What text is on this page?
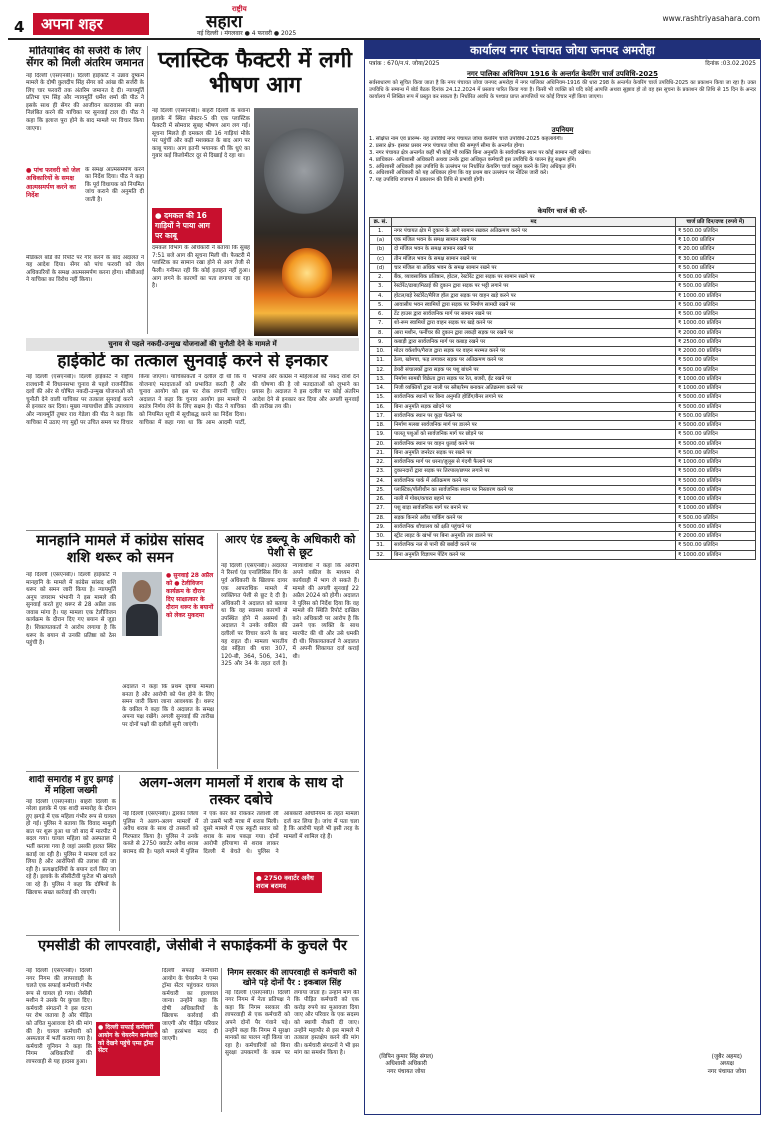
4	अपना शहर
राष्ट्रीय
सहारा
नई दिल्ली । मंगलवार ● 4 फरवरी ● 2025
www.rashtriyasahara.com
मोतियाबिंद की सर्जरी के लिए सेंगर को मिली अंतरिम जमानत
नई दिल्ली (एसएनबी)। दिल्ली हाईकोर्ट ने उन्नाव दुष्कर्म मामले के दोषी कुलदीप सिंह सेंगर को आंख की सर्जरी के लिए चार फरवरी तक अंतरिम जमानत दे दी। न्यायमूर्ति प्रतिभा एम सिंह और न्यायमूर्ति धर्मेश शर्मा की पीठ ने इसके साथ ही सेंगर की आजीवन कारावास की सजा निलंबित करने की याचिका पर सुनवाई टाल दी। पीठ ने कहा कि इलाज पूरा होने के बाद मामले पर विचार किया जाएगा।
● पांच फरवरी को जेल अधिकारियों के समक्ष आत्मसमर्पण करने का निर्देश
के समक्ष आत्मसमर्पण करने का निर्देश दिया। पीठ ने कहा कि पूर्व विधायक को नियमित जांच कराने की अनुमति दी जाती है।
मेडिकल बोर्ड की रिपोर्ट पर गौर करने के बाद अदालत ने यह आदेश दिया। सेंगर को पांच फरवरी को जेल अधिकारियों के समक्ष आत्मसमर्पण करना होगा। सीबीआई ने याचिका का विरोध नहीं किया।
प्लास्टिक फैक्टरी में लगी भीषण आग
नई दिल्ली (एसएनबी)। बाहरी दिल्ली के बवाना इलाके में स्थित सेक्टर-5 की एक प्लास्टिक फैक्टरी में सोमवार सुबह भीषण आग लग गई। सूचना मिलते ही दमकल की 16 गाड़ियां मौके पर पहुंचीं और कड़ी मशक्कत के बाद आग पर काबू पाया। आग इतनी भयानक थी कि धुएं का गुबार कई किलोमीटर दूर से दिखाई दे रहा था।
● दमकल की 16 गाड़ियों ने पाया आग पर काबू
दमकल विभाग के अधिकारी ने बताया कि सुबह 7:51 बजे आग की सूचना मिली थी। फैक्टरी में प्लास्टिक का सामान रखा होने से आग तेजी से फैली। गनीमत रही कि कोई हताहत नहीं हुआ। आग लगने के कारणों का पता लगाया जा रहा है।
चुनाव से पहले नकदी-उन्मुख योजनाओं की चुनौती देने के मामले में
हाईकोर्ट का तत्काल सुनवाई करने से इनकार
नई दिल्ली (एसएनबी)। दिल्ली हाईकोर्ट ने राष्ट्रीय राजधानी में विधानसभा चुनाव से पहले राजनीतिक दलों की ओर से घोषित नकदी-उन्मुख योजनाओं को चुनौती देने वाली याचिका पर तत्काल सुनवाई करने से इनकार कर दिया। मुख्य न्यायाधीश डीके उपाध्याय और न्यायमूर्ति तुषार राव गेडेला की पीठ ने कहा कि याचिका में उठाए गए मुद्दों पर उचित समय पर विचार किया जाएगा। याचिकाकर्ता ने दलील दी थी कि ये योजनाएं मतदाताओं को प्रभावित करती हैं और चुनाव आयोग को इस पर रोक लगानी चाहिए। अदालत ने कहा कि चुनाव आयोग इस मामले में स्वतंत्र निर्णय लेने के लिए सक्षम है। पीठ ने याचिका को नियमित सूची में सूचीबद्ध करने का निर्देश दिया। याचिका में कहा गया था कि आम आदमी पार्टी, भाजपा और कांग्रेस ने महिलाओं को नकद राशि देने की घोषणा की है जो मतदाताओं को लुभाने का प्रयास है। अदालत ने इस दलील पर कोई अंतरिम आदेश देने से इनकार कर दिया और अगली सुनवाई की तारीख तय की।
मानहानि मामले में कांग्रेस सांसद शशि थरूर को समन
नई दिल्ली (एसएनबी)। दिल्ली हाईकोर्ट ने मानहानि के मामले में कांग्रेस सांसद शशि थरूर को समन जारी किया है। न्यायमूर्ति अनूप जयराम भंभानी ने इस मामले की सुनवाई करते हुए थरूर से 28 अप्रैल तक जवाब मांगा है। यह मामला एक टेलीविजन कार्यक्रम के दौरान दिए गए बयान से जुड़ा है। शिकायतकर्ता ने आरोप लगाया है कि थरूर के बयान से उनकी प्रतिष्ठा को ठेस पहुंची है।
● सुनवाई 28 अप्रैल को ● टेलीविजन कार्यक्रम के दौरान दिए साक्षात्कार के दौरान थरूर के बयानों को लेकर मुकदमा
अदालत ने कहा कि प्रथम दृष्टया मामला बनता है और आरोपी को पेश होने के लिए समन जारी किया जाना आवश्यक है। थरूर के वकील ने कहा कि वे अदालत के समक्ष अपना पक्ष रखेंगे। अगली सुनवाई की तारीख पर दोनों पक्षों की दलीलें सुनी जाएंगी।
आरए एंड डब्ल्यू के अधिकारी को पेशी से छूट
नई दिल्ली (एसएनबी)। अदालत ने रिसर्च एंड एनालिसिस विंग के पूर्व अधिकारी के खिलाफ दायर एक आपराधिक मामले में व्यक्तिगत पेशी से छूट दे दी है। अधिकारी ने अदालत को बताया था कि वह स्वास्थ्य कारणों से उपस्थित होने में असमर्थ हैं। अदालत ने उनके वकील की दलीलों पर विचार करने के बाद यह राहत दी। मामला भारतीय दंड संहिता की धारा 307, 120-बी, 364, 506, 341, 325 और 34 के तहत दर्ज है। न्यायाधीश ने कहा कि आरोपी अपने वकील के माध्यम से कार्यवाही में भाग ले सकते हैं। मामले की अगली सुनवाई 22 अप्रैल 2024 को होगी। अदालत ने पुलिस को निर्देश दिया कि वह मामले की स्थिति रिपोर्ट दाखिल करे। अधिकारी पर आरोप है कि उसने एक व्यक्ति के साथ मारपीट की थी और उसे धमकी दी थी। शिकायतकर्ता ने अदालत में अपनी शिकायत दर्ज कराई थी।
शादी समारोह में हुए झगड़े में महिला जख्मी
नई दिल्ली (एसएनबी)। बाहरी दिल्ली के नरेला इलाके में एक शादी समारोह के दौरान हुए झगड़े में एक महिला गंभीर रूप से घायल हो गई। पुलिस ने बताया कि विवाद मामूली बात पर शुरू हुआ था जो बाद में मारपीट में बदल गया। घायल महिला को अस्पताल में भर्ती कराया गया है जहां उसकी हालत स्थिर बताई जा रही है। पुलिस ने मामला दर्ज कर लिया है और आरोपियों की तलाश की जा रही है। प्रत्यक्षदर्शियों के बयान दर्ज किए जा रहे हैं। इलाके के सीसीटीवी फुटेज भी खंगाले जा रहे हैं। पुलिस ने कहा कि दोषियों के खिलाफ सख्त कार्रवाई की जाएगी।
अलग-अलग मामलों में शराब के साथ दो तस्कर दबोचे
नई दिल्ली (एसएनबी)। द्वारका जिला पुलिस ने अलग-अलग मामलों में अवैध शराब के साथ दो तस्करों को गिरफ्तार किया है। पुलिस ने उनके कब्जे से 2750 क्वार्टर अवैध शराब बरामद की है। पहले मामले में पुलिस ने एक कार को रोककर तलाशी ली तो उसमें भारी मात्रा में शराब मिली। दूसरे मामले में एक स्कूटी सवार को शराब के साथ पकड़ा गया। दोनों आरोपी हरियाणा से शराब लाकर दिल्ली में बेचते थे। पुलिस ने आबकारी अधिनियम के तहत मामला दर्ज कर लिया है। जांच में पता चला है कि आरोपी पहले भी इसी तरह के मामलों में शामिल रहे हैं।
● 2750 क्वार्टर अवैध शराब बरामद
एमसीडी की लापरवाही, जेसीबी ने सफाईकर्मी के कुचले पैर
नई दिल्ली (एसएनबी)। दिल्ली नगर निगम की लापरवाही के चलते एक सफाई कर्मचारी गंभीर रूप से घायल हो गया। जेसीबी मशीन ने उसके पैर कुचल दिए। कर्मचारी संगठनों ने इस घटना पर रोष जताया है और पीड़ित को उचित मुआवजा देने की मांग की है। घायल कर्मचारी को अस्पताल में भर्ती कराया गया है। कर्मचारी यूनियन ने कहा कि निगम अधिकारियों की लापरवाही से यह हादसा हुआ।
● दिल्ली सफाई कर्मचारी आयोग के चेयरमैन कर्मचारी को देखने पहुंचे एम्स ट्रॉमा सेंटर
दिल्ली सफाई कर्मचारी आयोग के चेयरमैन ने एम्स ट्रॉमा सेंटर पहुंचकर घायल कर्मचारी का हालचाल जाना। उन्होंने कहा कि दोषी अधिकारियों के खिलाफ कार्रवाई की जाएगी और पीड़ित परिवार को हरसंभव मदद दी जाएगी।
निगम सरकार की लापरवाही से कर्मचारी को खोने पड़े दोनों पैर : इकबाल सिंह
नई दिल्ली (एसएनबी)। दिल्ली नगर निगम में नेता प्रतिपक्ष ने कहा कि निगम सरकार की लापरवाही से एक कर्मचारी को अपने दोनों पैर गंवाने पड़े। उन्होंने कहा कि निगम में सुरक्षा मानकों का पालन नहीं किया जा रहा है। कर्मचारियों को बिना सुरक्षा उपकरणों के काम पर लगाया जाता है। उन्होंने मांग की कि पीड़ित कर्मचारी को एक करोड़ रुपये का मुआवजा दिया जाए और परिवार के एक सदस्य को स्थायी नौकरी दी जाए। उन्होंने महापौर से इस मामले में तत्काल हस्तक्षेप करने की मांग की। कर्मचारी संगठनों ने भी इस मांग का समर्थन किया है।
कार्यालय नगर पंचायत जोया जनपद अमरोहा
पत्रांक : 670/न.पं. जोया/2025	दिनांक :03.02.2025
नगर पालिका अधिनियम 1916 के अन्तर्गत केयरिंग चार्ज उपविधि-2025
सर्वसाधारण को सूचित किया जाता है कि नगर पंचायत जोया जनपद अमरोहा में नगर पालिका अधिनियम-1916 की धारा 298 के अन्तर्गत केयरिंग चार्ज उपविधि-2025 का प्रकाशन किया जा रहा है। उक्त उपविधि के सम्बन्ध में बोर्ड बैठक दिनांक 24.12.2024 में प्रस्ताव पारित किया गया है। किसी भी व्यक्ति को यदि कोई आपत्ति अथवा सुझाव हो तो वह इस सूचना के प्रकाशन की तिथि से 15 दिन के अन्दर कार्यालय में लिखित रूप में प्रस्तुत कर सकता है। निर्धारित अवधि के पश्चात प्राप्त आपत्तियों पर कोई विचार नहीं किया जाएगा।
उपनियम
1. संक्षिप्त नाम एवं प्रारम्भ- यह उपविधि नगर पंचायत जोया केयरिंग चार्ज उपविधि-2025 कहलायेगी।
2. प्रसार क्षेत्र- इसका प्रसार नगर पंचायत जोया की सम्पूर्ण सीमा के अन्तर्गत होगा।
3. नगर पंचायत क्षेत्र अन्तर्गत कहीं भी कोई भी व्यक्ति बिना अनुमति के सार्वजनिक स्थान पर कोई सामान नहीं रखेगा।
4. प्राधिकार- अधिशासी अधिकारी अथवा उनके द्वारा अधिकृत कर्मचारी इस उपविधि के पालन हेतु सक्षम होंगे।
5. अधिशासी अधिकारी इस उपविधि के उल्लंघन पर निर्धारित केयरिंग चार्ज वसूल करने के लिए अधिकृत होंगे।
6. अधिशासी अधिकारी को यह अधिकार होगा कि वह प्रथम बार उल्लंघन पर नोटिस जारी करे।
7. यह उपविधि राजपत्र में प्रकाशन की तिथि से प्रभावी होगी।
केयरिंग चार्ज की दरें-
क्र. सं.	मद	चार्ज प्रति दिन/दण्ड (रुपये में)
1.	नगर पंचायत क्षेत्र में दुकान के आगे सामान रखकर अतिक्रमण करने पर	₹ 500.00 प्रतिदिन
(a)	एक मंजिल भवन के समक्ष सामान रखने पर	₹ 10.00 प्रतिदिन
(b)	दो मंजिल भवन के समक्ष सामान रखने पर	₹ 20.00 प्रतिदिन
(c)	तीन मंजिल भवन के समक्ष सामान रखने पर	₹ 30.00 प्रतिदिन
(d)	चार मंजिल या अधिक भवन के समक्ष सामान रखने पर	₹ 50.00 प्रतिदिन
2.	बैंक, व्यावसायिक प्रतिष्ठान, होटल, रेस्टोरेंट द्वारा सड़क पर सामान रखने पर	₹ 500.00 प्रतिदिन
3.	रेस्टोरेंट/ढाबा/मिठाई की दुकान द्वारा सड़क पर भट्टी लगाने पर	₹ 500.00 प्रतिदिन
4.	होटल/बड़े रेस्टोरेंट/मैरिज हॉल द्वारा सड़क पर वाहन खड़े करने पर	₹ 1000.00 प्रतिदिन
5.	आवासीय भवन स्वामियों द्वारा सड़क पर निर्माण सामग्री रखने पर	₹ 500.00 प्रतिदिन
6.	टेंट हाउस द्वारा सार्वजनिक मार्ग पर सामान रखने पर	₹ 500.00 प्रतिदिन
7.	शो-रूम स्वामियों द्वारा वाहन सड़क पर खड़े करने पर	₹ 1000.00 प्रतिदिन
8.	आरा मशीन, फर्नीचर की दुकान द्वारा लकड़ी सड़क पर रखने पर	₹ 2000.00 प्रतिदिन
9.	कबाड़ी द्वारा सार्वजनिक मार्ग पर कबाड़ रखने पर	₹ 2500.00 प्रतिदिन
10.	मोटर वर्कशॉप/गैराज द्वारा सड़क पर वाहन मरम्मत करने पर	₹ 2000.00 प्रतिदिन
11.	ठेला, खोमचा, फड़ लगाकर सड़क पर अतिक्रमण करने पर	₹ 500.00 प्रतिदिन
12.	डेयरी संचालकों द्वारा सड़क पर पशु बांधने पर	₹ 500.00 प्रतिदिन
13.	निर्माण सामग्री विक्रेता द्वारा सड़क पर रेत, बजरी, ईंट रखने पर	₹ 1000.00 प्रतिदिन
14.	निजी व्यक्तियों द्वारा नाली पर स्लैब/रैम्प बनाकर अतिक्रमण करने पर	₹ 1000.00 प्रतिदिन
15.	सार्वजनिक स्थानों पर बिना अनुमति होर्डिंग/बैनर लगाने पर	₹ 5000.00 प्रतिदिन
16.	बिना अनुमति सड़क खोदने पर	₹ 5000.00 प्रतिदिन
17.	सार्वजनिक स्थान पर कूड़ा फेंकने पर	₹ 500.00 प्रतिदिन
18.	निर्माण मलबा सार्वजनिक मार्ग पर डालने पर	₹ 5000.00 प्रतिदिन
19.	पालतू पशुओं को सार्वजनिक मार्ग पर छोड़ने पर	₹ 500.00 प्रतिदिन
20.	सार्वजनिक स्थान पर वाहन धुलाई करने पर	₹ 5000.00 प्रतिदिन
21.	बिना अनुमति जनरेटर सड़क पर रखने पर	₹ 500.00 प्रतिदिन
22.	सार्वजनिक मार्ग पर धरना/जुलूस से गंदगी फैलाने पर	₹ 1000.00 प्रतिदिन
23.	दुकानदारों द्वारा सड़क पर तिरपाल/छप्पर लगाने पर	₹ 5000.00 प्रतिदिन
24.	सार्वजनिक पार्क में अतिक्रमण करने पर	₹ 5000.00 प्रतिदिन
25.	प्लास्टिक/पॉलीथीन का सार्वजनिक स्थान पर निस्तारण करने पर	₹ 5000.00 प्रतिदिन
26.	नाली में गोबर/कचरा बहाने पर	₹ 1000.00 प्रतिदिन
27.	पशु बाड़ा सार्वजनिक मार्ग पर बनाने पर	₹ 1000.00 प्रतिदिन
28.	सड़क किनारे अवैध पार्किंग करने पर	₹ 500.00 प्रतिदिन
29.	सार्वजनिक शौचालय को क्षति पहुंचाने पर	₹ 5000.00 प्रतिदिन
30.	स्ट्रीट लाइट के खंभों पर बिना अनुमति तार डालने पर	₹ 2000.00 प्रतिदिन
31.	सार्वजनिक नल से पानी की बर्बादी करने पर	₹ 500.00 प्रतिदिन
32.	बिना अनुमति विज्ञापन पेंटिंग करने पर	₹ 1000.00 प्रतिदिन
(विपिन कुमार सिंह संगल)
अधिशासी अधिकारी
नगर पंचायत जोया
(जुबैर अहमद)
अध्यक्ष
नगर पंचायत जोया
